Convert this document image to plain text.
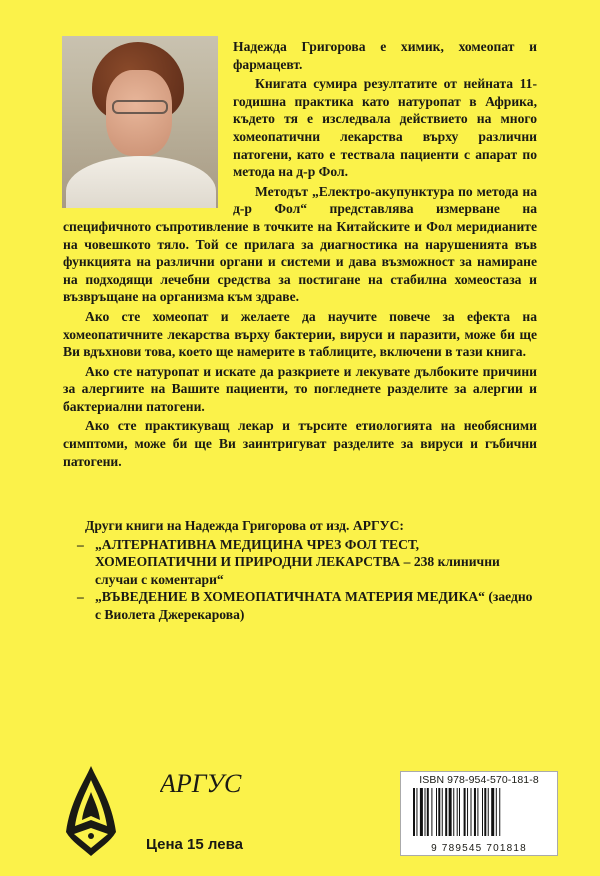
Надежда Григорова е химик, хомеопат и фармацевт.

Книгата сумира резултатите от нейната 11-годишна практика като натуропат в Африка, където тя е изследвала действието на много хомеопатични лекарства върху различни патогени, като е тествала пациенти с апарат по метода на д-р Фол.

Методът „Електро-акупунктура по метода на д-р Фол“ представлява измерване на специфичното съпротивление в точките на Китайските и Фол меридианите на човешкото тяло. Той се прилага за диагностика на нарушенията във функцията на различни органи и системи и дава възможност за намиране на подходящи лечебни средства за постигане на стабилна хомеостаза и възвръщане на организма към здраве.

Ако сте хомеопат и желаете да научите повече за ефекта на хомеопатичните лекарства върху бактерии, вируси и паразити, може би ще Ви вдъхнови това, което ще намерите в таблиците, включени в тази книга.

Ако сте натуропат и искате да разкриете и лекувате дълбоките причини за алергиите на Вашите пациенти, то погледнете разделите за алергии и бактериални патогени.

Ако сте практикуващ лекар и търсите етиологията на необясними симптоми, може би ще Ви заинтригуват разделите за вируси и гъбични патогени.

Други книги на Надежда Григорова от изд. АРГУС:
– „АЛТЕРНАТИВНА МЕДИЦИНА ЧРЕЗ ФОЛ ТЕСТ, ХОМЕОПАТИЧНИ И ПРИРОДНИ ЛЕКАРСТВА – 238 клинични случаи с коментари“
– „ВЪВЕДЕНИЕ В ХОМЕОПАТИЧНАТА МАТЕРИЯ МЕДИКА“ (заедно с Виолета Джерекарова)
АРГУС
Цена 15 лева
ISBN 978-954-570-181-8
9 789545 701818
